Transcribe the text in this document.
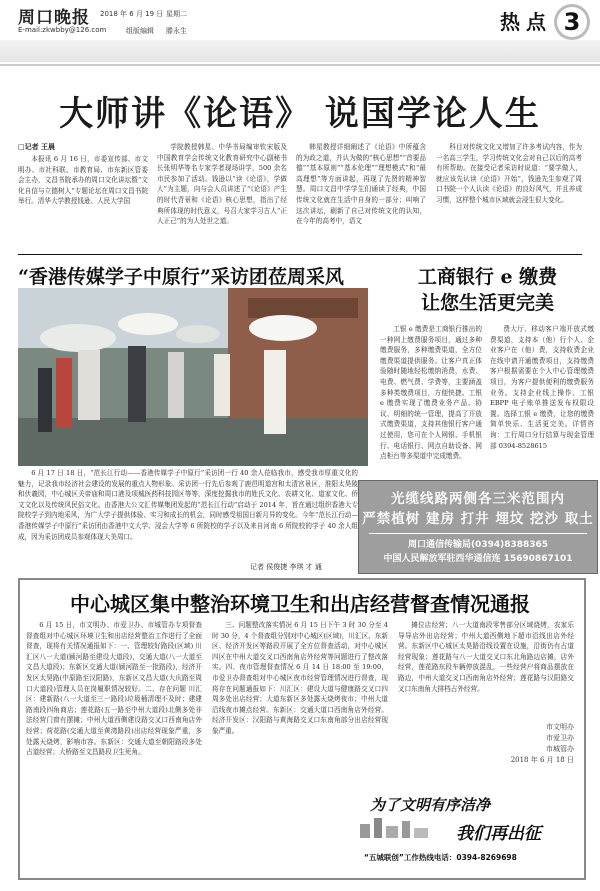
周口晚报 2018 年 6 月 19 日 星期二
E-mail:zkwbby@126.com	组版编辑 滕永生	热点 3
大师讲《论语》 说国学论人生
□记者 王晨

本报讯 6 月 16 日，市委宣传部、市文明办、市社科联、市教育局、市东新区管委会主办，文昌书院承办的周口文化讲坛暨“文化自信与立德树人”专题论坛在周口文昌书院举行。清华大学教授钱逊、人民大学国

学院教授韩星、中华书局编审钦宋版及中国教育学会传统文化教育研究中心副秘书长张明华等名专家学者现场讲学，500 余名市民参加了活动。钱逊以“读《论语》，学做人”为主题，向与会人员讲述了“《论语》产生的时代背景和《论语》核心思想，指出了经典所体现的时代意义，号召大家学习古人“正人正己”的为人处世之道。

韩星教授详细阐述了《论语》中所蕴含的为政之道，并认为做的“核心思想”“首要品德”“基本原则”“基本伦理”“理想模式”和“最高理想”等方面讲起，再现了先贤的精神智慧。周口文昌中学学生们诵读了经典，中国传统文化就在生活中自身的一部分；叫响了这次讲坛，刷新了自己对传统文化的认知，在今年的高考中，语文

科目对传统文化又增加了许多考试内容，作为一名高三学生，学习传统文化会对自己以后的高考有所帮助。在接受记者采访时说道：“要学做人，就应该先认读《论语》开始”，钱逊先生参观了周口书院一个人认读《论语》的良好风气，并且养成习惯，这样整个城市区域就会浸生很大变化。

“香港传媒学子中原行”采访团莅周采风

6 月 17 日 18 日，“范长江行动——香港传媒学子中原行”采访团一行 40 余人莅临我市，感受我市厚重文化的魅力，记录我市经济社会建设的发展的重点人物形象。采访团一行先后参观了鹿邑明道宫和太清宫景区，淮阳太昊陵和伏羲园，中心城区关帝庙和周口港及项城医药科技园区等等，深度挖掘我市的姓氏文化、农耕文化、道家文化、侨文文化以及传统风民俗文化。由香港大公文汇传媒集团发起的“范长江行动”启动于 2014 年，旨在通过组织香港大专院校学子到内地采风，为广大学子提供体验、实习和成长的机会，同时感受祖国日新月异的变化。今年“范长江行动—香港传媒学子中原行”采访团由香港中文大学、浸会大学等 6 所院校的学子以及来自河南 6 所院校的学子 40 余人组成，因为采访团成员参观体现大美周口。

记者 侯俊捷 李琪 才 通
工商银行 e 缴费
让您生活更完美

工银 e 缴费是工商银行推出的一种网上缴费服务项目，通过多种缴费服务，多种缴费渠道，全方位缴费渠道提供服务。让客户真正体验随时随地轻松缴纳消费，水费、电费、燃气费、学费等，主要涵盖多种类缴费项目，方便快捷。工银 e 缴费实现了缴费业务产品、协议、明细的统一管理，提高了开放式缴费渠道，支持其他银行客户通过使用，您可在个人网银、手机银行、电话银行、网点自助设备、网点柜台等多渠道中完成缴费。

费大厅、移动客户端开放式缴费渠道，支持本（他）行个人、企业客户在（他）费，支持收费企业在线申请开通缴费项目，支持缴费客户根据需要在个人中心管理缴费项目，为客户提供便利的缴费服务业务。支持企业线上操作、工银 EBPP 电子账单推送发布权限设置。选择工银 e 缴费，让您的缴费简单快乐、生活更完美。详情咨询：工行周口分行结算与现金管理部 0394-8528615

光缆线路两侧各三米范围内
严禁植树 建房 打井 埋坟 挖沙 取土
周口通信传输局(0394)8388365
中国人民解放军驻西华通信连 15690867101
中心城区集中整治环境卫生和出店经营督查情况通报

6 月 15 日，市文明办、市爱卫办、市城管办专项督查督查组对中心城区环境卫生和出店经营整治工作进行了全面督查，现将有关情况通报如下：一、管理较好路段(区域) 川汇区八一大道(颍河路至建设大道段)，交通大道(八一大道至文昌大道段)；东新区交通大道(颍河路至一批路段)，经济开发区太昊路(中原路至汉阳路)，东新区文昌大道(大庆路至周口大道段)管理人员在岗履职情况较好。二、存在问题 川汇区：建新路(八一大道至三一路段)垃圾桶清理不及时；建建路南段四角商店；莲花路(五一路至中州大道段)北侧多处非法经营门窗有摆摊；中州大道西侧建设路交叉口西南角店外经营；荷花路(交通大道至黄湾路段)出店经营现象严重，多处露天烧烤，影响市容。东新区：交通大道至朝阳路段多处占道经营；大桥路至文昌路段卫生死角。

三、问题整改落实情况 6 月 15 日下午 3 时 30 分至 4 时 30 分，4 个督查组分别对中心城区(区域)，川汇区、东新区、经济开发区等路段开展了全方位督查活动，对中心城区四区在中州大道交叉口西南角店外经营等问题进行了整改落实。四、夜市管理督查情况 6 月 14 日 18:00 至 19:00，市爱卫办督查组对中心城区夜市经营管理情况进行督查，现将存在问题通报如下：川汇区：建设大道与健康路交叉口四周多处出店经营；大道东新区多处露天烧烤夜市；中州大道沿线夜市摊点经营。东新区：交通大道口西南角店外经营。经济开发区：汉阳路与黄海路交叉口东南角部分出店经营现象严重。

摊位店经营；八一大道南段零售部分区域烧烤，农家乐导导店外出店经营；中州大道西侧地下超市沿线出店外经营。东新区中心城区太昊路沿线设置在设施，沿街仍有占道经营现象；莲花路与八一大道交叉口东北角路边店摊，店外经营，莲花路东段车辆停放混乱，一些经营户将商品摆放在路边，中州大道交叉口西南角店外经营；莲花路与汉阳路交叉口东南角大排档占外经营。

市文明办
市爱卫办
市城管办
2018 年 6 月 18 日
为了文明有序洁净
我们再出征
“五城联创”工作热线电话：0394-8269698
